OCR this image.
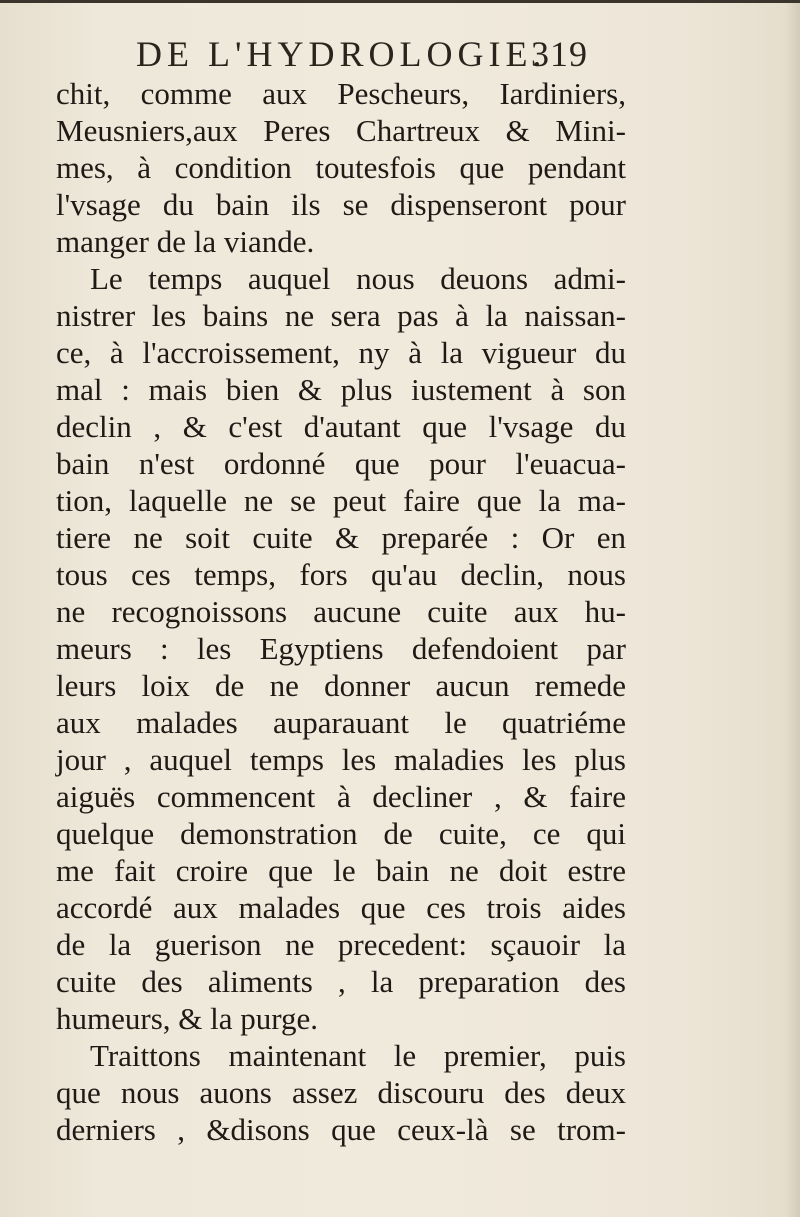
DE L'HYDROLOGIE.
319
chit, comme aux Pescheurs, Iardiniers,
Meusniers,aux Peres Chartreux & Mini-
mes, à condition toutesfois que pendant
l'vsage du bain ils se dispenseront pour
manger de la viande.
Le temps auquel nous deuons admi-
nistrer les bains ne sera pas à la naissan-
ce, à l'accroissement, ny à la vigueur du
mal : mais bien & plus iustement à son
declin , & c'est d'autant que l'vsage du
bain n'est ordonné que pour l'euacua-
tion, laquelle ne se peut faire que la ma-
tiere ne soit cuite & preparée : Or en
tous ces temps, fors qu'au declin, nous
ne recognoissons aucune cuite aux hu-
meurs : les Egyptiens defendoient par
leurs loix de ne donner aucun remede
aux malades auparauant le quatriéme
jour , auquel temps les maladies les plus
aiguës commencent à decliner , & faire
quelque demonstration de cuite, ce qui
me fait croire que le bain ne doit estre
accordé aux malades que ces trois aides
de la guerison ne precedent: sçauoir la
cuite des aliments , la preparation des
humeurs, & la purge.
Traittons maintenant le premier, puis
que nous auons assez discouru des deux
derniers , &disons que ceux-là se trom-
